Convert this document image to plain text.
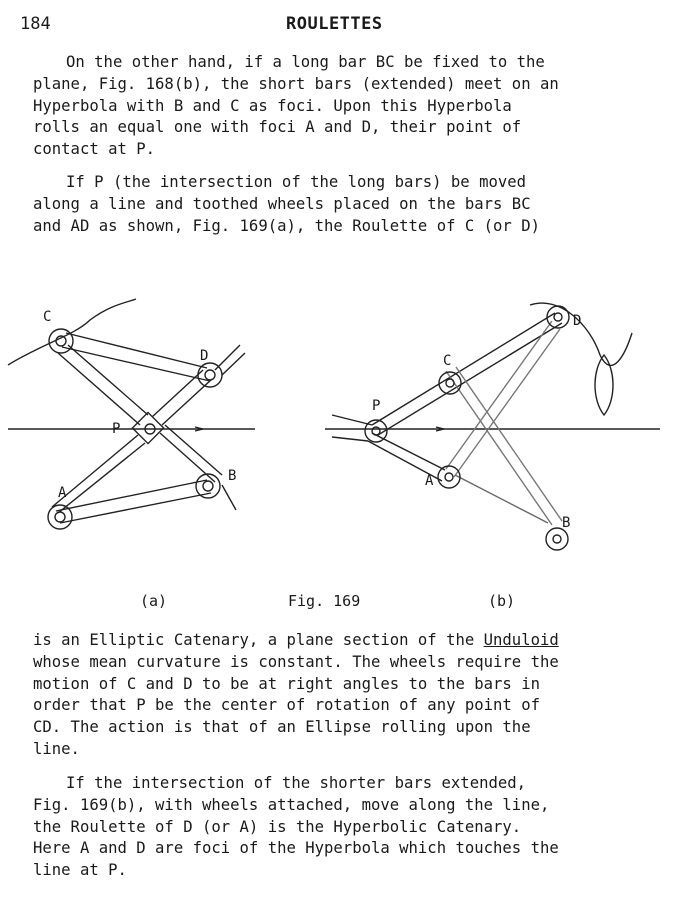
184	ROULETTES
On the other hand, if a long bar BC be fixed to the
plane, Fig. 168(b), the short bars (extended) meet on an
Hyperbola with B and C as foci. Upon this Hyperbola
rolls an equal one with foci A and D, their point of
contact at P.
If P (the intersection of the long bars) be moved
along a line and toothed wheels placed on the bars BC
and AD as shown, Fig. 169(a), the Roulette of C (or D)
C
D
P
A
B
D
C
P
A
B
(a)	Fig. 169	(b)
is an Elliptic Catenary, a plane section of the Unduloid
whose mean curvature is constant. The wheels require the
motion of C and D to be at right angles to the bars in
order that P be the center of rotation of any point of
CD. The action is that of an Ellipse rolling upon the
line.
If the intersection of the shorter bars extended,
Fig. 169(b), with wheels attached, move along the line,
the Roulette of D (or A) is the Hyperbolic Catenary.
Here A and D are foci of the Hyperbola which touches the
line at P.
